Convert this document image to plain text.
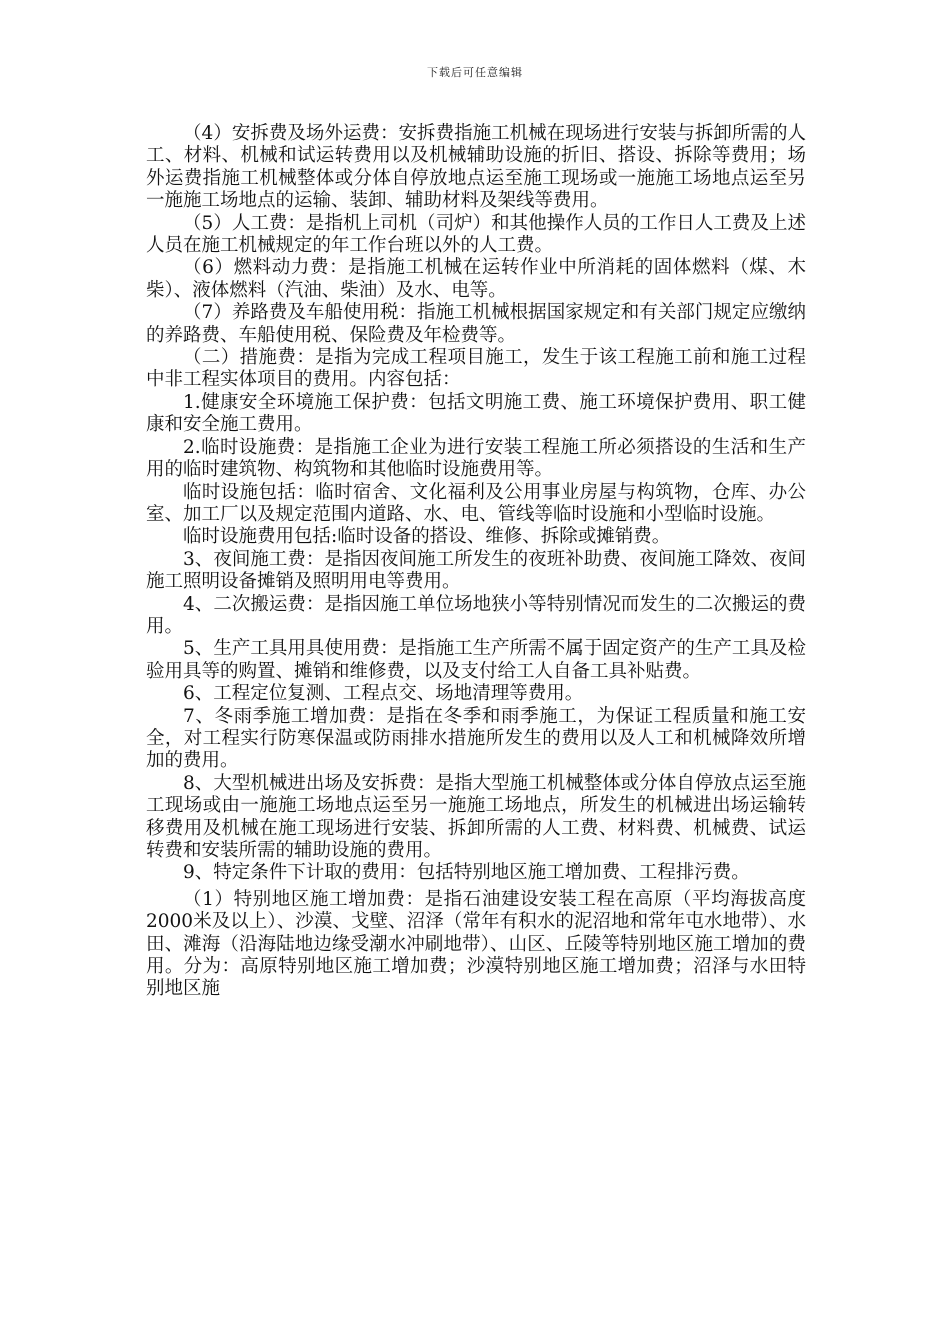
下载后可任意编辑

（4）安拆费及场外运费：安拆费指施工机械在现场进行安装与拆卸所需的人工、材料、机械和试运转费用以及机械辅助设施的折旧、搭设、拆除等费用；场外运费指施工机械整体或分体自停放地点运至施工现场或一施施工场地点运至另一施施工场地点的运输、装卸、辅助材料及架线等费用。

（5）人工费：是指机上司机（司炉）和其他操作人员的工作日人工费及上述人员在施工机械规定的年工作台班以外的人工费。

（6）燃料动力费：是指施工机械在运转作业中所消耗的固体燃料（煤、木柴）、液体燃料（汽油、柴油）及水、电等。

（7）养路费及车船使用税：指施工机械根据国家规定和有关部门规定应缴纳的养路费、车船使用税、保险费及年检费等。

（二）措施费：是指为完成工程项目施工，发生于该工程施工前和施工过程中非工程实体项目的费用。内容包括：

1.健康安全环境施工保护费：包括文明施工费、施工环境保护费用、职工健康和安全施工费用。

2.临时设施费：是指施工企业为进行安装工程施工所必须搭设的生活和生产用的临时建筑物、构筑物和其他临时设施费用等。

临时设施包括：临时宿舍、文化福利及公用事业房屋与构筑物，仓库、办公室、加工厂以及规定范围内道路、水、电、管线等临时设施和小型临时设施。

临时设施费用包括:临时设备的搭设、维修、拆除或摊销费。

3、夜间施工费：是指因夜间施工所发生的夜班补助费、夜间施工降效、夜间施工照明设备摊销及照明用电等费用。

4、二次搬运费：是指因施工单位场地狭小等特别情况而发生的二次搬运的费用。

5、生产工具用具使用费：是指施工生产所需不属于固定资产的生产工具及检验用具等的购置、摊销和维修费，以及支付给工人自备工具补贴费。

6、工程定位复测、工程点交、场地清理等费用。

7、冬雨季施工增加费：是指在冬季和雨季施工，为保证工程质量和施工安全，对工程实行防寒保温或防雨排水措施所发生的费用以及人工和机械降效所增加的费用。

8、大型机械进出场及安拆费：是指大型施工机械整体或分体自停放点运至施工现场或由一施施工场地点运至另一施施工场地点，所发生的机械进出场运输转移费用及机械在施工现场进行安装、拆卸所需的人工费、材料费、机械费、试运转费和安装所需的辅助设施的费用。

9、特定条件下计取的费用：包括特别地区施工增加费、工程排污费。

（1）特别地区施工增加费：是指石油建设安装工程在高原（平均海拔高度2000米及以上）、沙漠、戈壁、沼泽（常年有积水的泥沼地和常年屯水地带）、水田、滩海（沿海陆地边缘受潮水冲刷地带）、山区、丘陵等特别地区施工增加的费用。分为：高原特别地区施工增加费；沙漠特别地区施工增加费；沼泽与水田特别地区施
